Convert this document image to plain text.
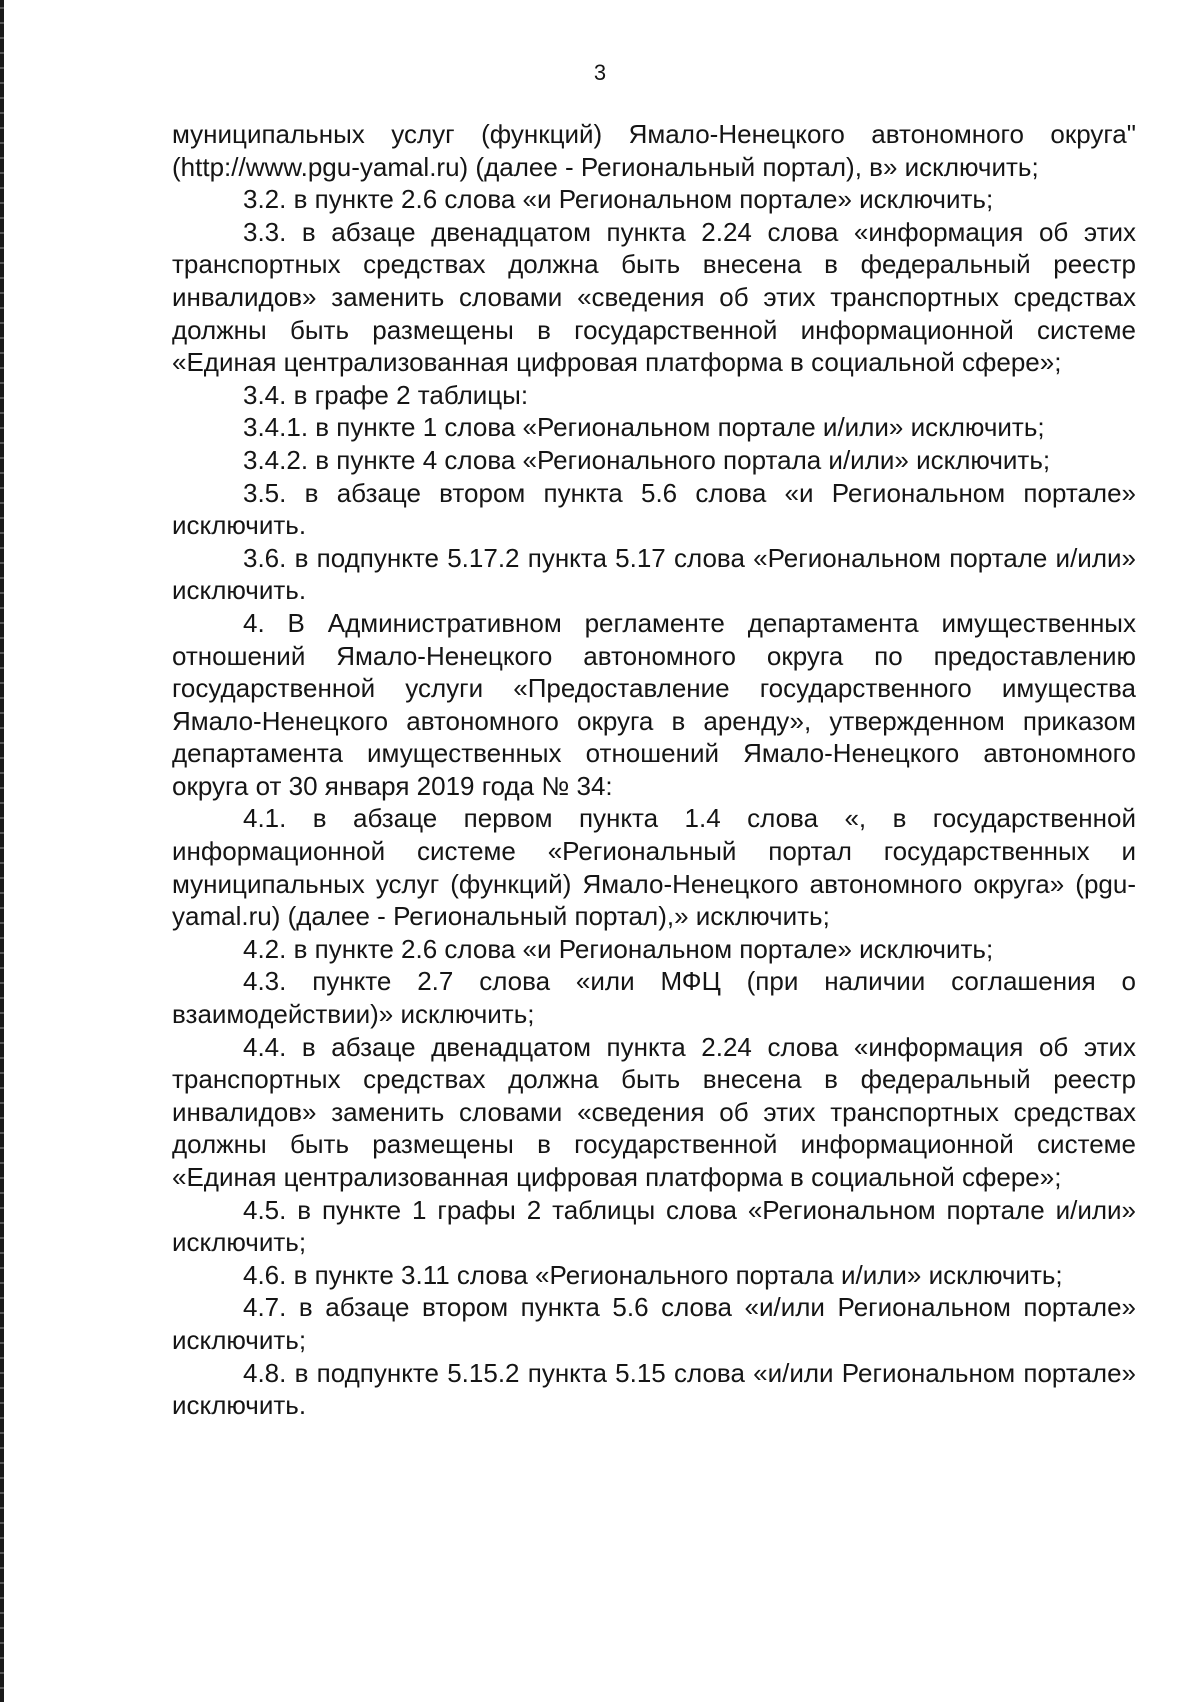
3

муниципальных услуг (функций) Ямало-Ненецкого автономного округа" (http://www.pgu-yamal.ru) (далее - Региональный портал), в» исключить;

3.2. в пункте 2.6 слова «и Региональном портале» исключить;

3.3. в абзаце двенадцатом пункта 2.24 слова «информация об этих транспортных средствах должна быть внесена в федеральный реестр инвалидов» заменить словами «сведения об этих транспортных средствах должны быть размещены в государственной информационной системе «Единая централизованная цифровая платформа в социальной сфере»;

3.4. в графе 2 таблицы:

3.4.1. в пункте 1 слова «Региональном портале и/или» исключить;

3.4.2. в пункте 4 слова «Регионального портала и/или» исключить;

3.5. в абзаце втором пункта 5.6 слова «и Региональном портале» исключить.

3.6. в подпункте 5.17.2 пункта 5.17 слова «Региональном портале и/или» исключить.

4. В Административном регламенте департамента имущественных отношений Ямало-Ненецкого автономного округа по предоставлению государственной услуги «Предоставление государственного имущества Ямало-Ненецкого автономного округа в аренду», утвержденном приказом департамента имущественных отношений Ямало-Ненецкого автономного округа от 30 января 2019 года № 34:

4.1. в абзаце первом пункта 1.4 слова «, в государственной информационной системе «Региональный портал государственных и муниципальных услуг (функций) Ямало-Ненецкого автономного округа» (pgu-yamal.ru) (далее - Региональный портал),» исключить;

4.2. в пункте 2.6 слова «и Региональном портале» исключить;

4.3. пункте 2.7 слова «или МФЦ (при наличии соглашения о взаимодействии)» исключить;

4.4. в абзаце двенадцатом пункта 2.24 слова «информация об этих транспортных средствах должна быть внесена в федеральный реестр инвалидов» заменить словами «сведения об этих транспортных средствах должны быть размещены в государственной информационной системе «Единая централизованная цифровая платформа в социальной сфере»;

4.5. в пункте 1 графы 2 таблицы слова «Региональном портале и/или» исключить;

4.6. в пункте 3.11 слова «Регионального портала и/или» исключить;

4.7. в абзаце втором пункта 5.6 слова «и/или Региональном портале» исключить;

4.8. в подпункте 5.15.2 пункта 5.15 слова «и/или Региональном портале» исключить.
